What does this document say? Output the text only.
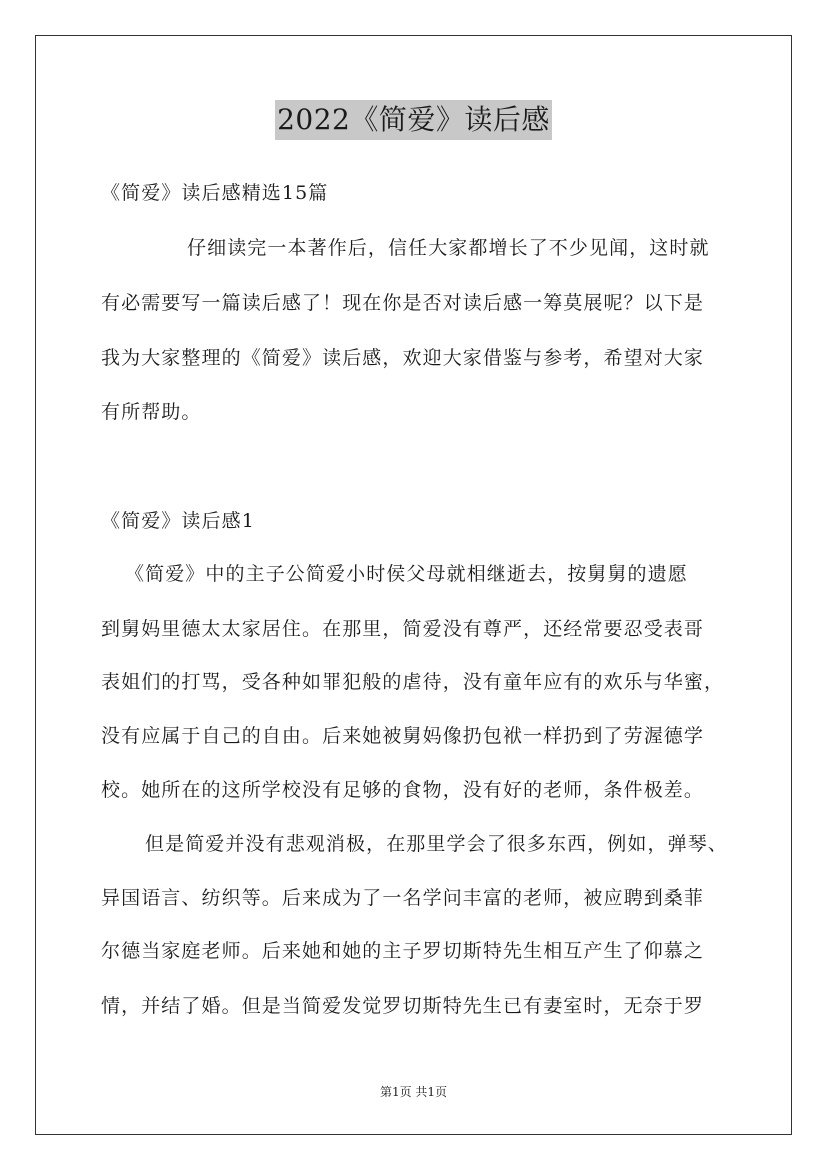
2022《简爱》读后感
《简爱》读后感精选15篇
仔细读完一本著作后，信任大家都增长了不少见闻，这时就
有必需要写一篇读后感了！现在你是否对读后感一筹莫展呢？以下是
我为大家整理的《简爱》读后感，欢迎大家借鉴与参考，希望对大家
有所帮助。
《简爱》读后感1
《简爱》中的主子公简爱小时侯父母就相继逝去，按舅舅的遗愿
到舅妈里德太太家居住。在那里，简爱没有尊严，还经常要忍受表哥
表姐们的打骂，受各种如罪犯般的虐待，没有童年应有的欢乐与华蜜，
没有应属于自己的自由。后来她被舅妈像扔包袱一样扔到了劳渥德学
校。她所在的这所学校没有足够的食物，没有好的老师，条件极差。
但是简爱并没有悲观消极，在那里学会了很多东西，例如，弹琴、
异国语言、纺织等。后来成为了一名学问丰富的老师，被应聘到桑菲
尔德当家庭老师。后来她和她的主子罗切斯特先生相互产生了仰慕之
情，并结了婚。但是当简爱发觉罗切斯特先生已有妻室时，无奈于罗
第1页 共1页
